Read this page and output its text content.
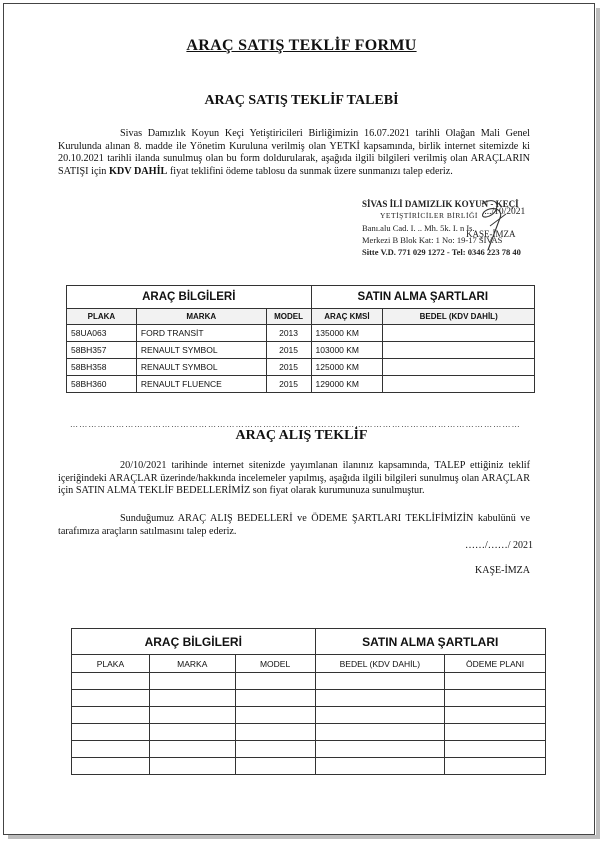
ARAÇ SATIŞ TEKLİF FORMU
ARAÇ SATIŞ TEKLİF TALEBİ
Sivas Damızlık Koyun Keçi Yetiştiricileri Birliğimizin 16.07.2021 tarihli Olağan Mali Genel Kurulunda alınan 8. madde ile Yönetim Kuruluna verilmiş olan YETKİ kapsamında, birlik internet sitemizde ki 20.10.2021 tarihli ilanda sunulmuş olan bu form doldurularak, aşağıda ilgili bilgileri verilmiş olan ARAÇLARIN SATIŞI için KDV DAHİL fiyat teklifini ödeme tablosu da sunmak üzere sunmanızı talep ederiz.
SİVAS İLİ DAMIZLIK KOYUN - KEÇİ
YETİŞTİRİCİLER BİRLİĞİ
Banı.alu Cad. I. .. Mh. 5k. I. n Is.
Merkezi B Blok Kat: 1 No: 19-17 SİVAS
Sitte V.D. 771 029 1272 - Tel: 0346 223 78 40
..../10/2021
KAŞE-İMZA
ARAÇ BİLGİLERİ			SATIN ALMA ŞARTLARI	
PLAKA	MARKA	MODEL	ARAÇ KMSİ	BEDEL (KDV DAHİL)
58UA063	FORD TRANSİT	2013	135000 KM	
58BH357	RENAULT SYMBOL	2015	103000 KM	
58BH358	RENAULT SYMBOL	2015	125000 KM	
58BH360	RENAULT FLUENCE	2015	129000 KM	
…………………………………………………………………………………………………………………………………
ARAÇ ALIŞ TEKLİF
20/10/2021 tarihinde internet sitenizde yayımlanan ilanınız kapsamında, TALEP ettiğiniz teklif içeriğindeki ARAÇLAR üzerinde/hakkında incelemeler yapılmış, aşağıda ilgili bilgileri sunulmuş olan ARAÇLAR için SATIN ALMA TEKLİF BEDELLERİMİZ son fiyat olarak kurumunuza sunulmuştur.
Sunduğumuz ARAÇ ALIŞ BEDELLERİ ve ÖDEME ŞARTLARI TEKLİFİMİZİN kabulünü ve tarafımıza araçların satılmasını talep ederiz.
……/……/ 2021
KAŞE-İMZA
ARAÇ BİLGİLERİ			SATIN ALMA ŞARTLARI	
PLAKA	MARKA	MODEL	BEDEL (KDV DAHİL)	ÖDEME PLANI
